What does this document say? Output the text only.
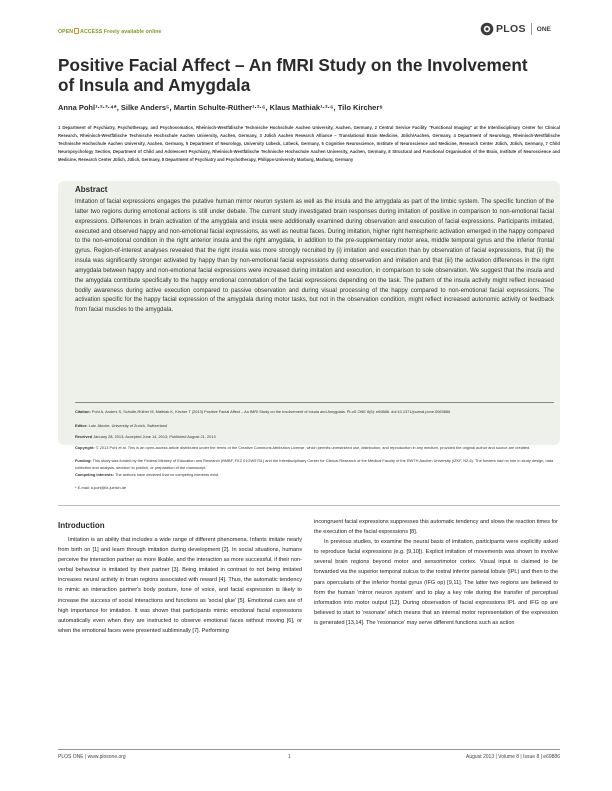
OPEN ACCESS Freely available online	PLOS ONE
Positive Facial Affect – An fMRI Study on the Involvement of Insula and Amygdala
Anna Pohl¹·²·³·⁴*, Silke Anders⁵, Martin Schulte-Rüther¹·²·⁶, Klaus Mathiak¹·²·⁶, Tilo Kircher⁸
1 Department of Psychiatry, Psychotherapy, and Psychosomatics, Rheinisch-Westfälische Technische Hochschule Aachen University, Aachen, Germany, 2 Central Service Facility "Functional Imaging" at the Interdisciplinary Center for Clinical Research, Rheinisch-Westfälische Technische Hochschule Aachen University, Aachen, Germany, 3 Jülich Aachen Research Alliance – Translational Brain Medicine, Jülich/Aachen, Germany, 4 Department of Neurology, Rheinisch-Westfälische Technische Hochschule Aachen University, Aachen, Germany, 5 Department of Neurology, University Lübeck, Lübeck, Germany, 6 Cognitive Neuroscience, Institute of Neuroscience and Medicine, Research Center Jülich, Jülich, Germany, 7 Child Neuropsychology Section, Department of Child and Adolescent Psychiatry, Rheinisch-Westfälische Technische Hochschule Aachen University, Aachen, Germany, 8 Structural and Functional Organisation of the Brain, Institute of Neuroscience and Medicine, Research Center Jülich, Jülich, Germany, 8 Department of Psychiatry and Psychotherapy, Philipps-University Marburg, Marburg, Germany
Abstract
Imitation of facial expressions engages the putative human mirror neuron system as well as the insula and the amygdala as part of the limbic system. The specific function of the latter two regions during emotional actions is still under debate. The current study investigated brain responses during imitation of positive in comparison to non-emotional facial expressions. Differences in brain activation of the amygdala and insula were additionally examined during observation and execution of facial expressions. Participants imitated, executed and observed happy and non-emotional facial expressions, as well as neutral faces. During imitation, higher right hemispheric activation emerged in the happy compared to the non-emotional condition in the right anterior insula and the right amygdala, in addition to the pre-supplementary motor area, middle temporal gyrus and the inferior frontal gyrus. Region-of-interest analyses revealed that the right insula was more strongly recruited by (i) imitation and execution than by observation of facial expressions, that (ii) the insula was significantly stronger activated by happy than by non-emotional facial expressions during observation and imitation and that (iii) the activation differences in the right amygdala between happy and non-emotional facial expressions were increased during imitation and execution, in comparison to sole observation. We suggest that the insula and the amygdala contribute specifically to the happy emotional connotation of the facial expressions depending on the task. The pattern of the insula activity might reflect increased bodily awareness during active execution compared to passive observation and during visual processing of the happy compared to non-emotional facial expressions. The activation specific for the happy facial expression of the amygdala during motor tasks, but not in the observation condition, might reflect increased autonomic activity or feedback from facial muscles to the amygdala.
Citation: Pohl A, Anders S, Schulte-Rüther M, Mathiak K, Kircher T (2013) Positive Facial Affect – An fMRI Study on the Involvement of Insula and Amygdala. PLoS ONE 8(8): e69886. doi:10.1371/journal.pone.0069886
Editor: Lutz Jäncke, University of Zurich, Switzerland
Received January 28, 2013; Accepted June 14, 2013; Published August 21, 2013
Copyright: © 2013 Pohl et al. This is an open-access article distributed under the terms of the Creative Commons Attribution License, which permits unrestricted use, distribution, and reproduction in any medium, provided the original author and source are credited.
Funding: This study was funded by the Federal Ministry of Education and Research (BMBF, FKZ 01GW0751) and the Interdisciplinary Center for Clinical Research of the Medical Faculty of the RWTH Aachen University (IZKF, N2-6). The funders had no role in study design, data collection and analysis, decision to publish, or preparation of the manuscript.
Competing Interests: The authors have declared that no competing interests exist.
* E-mail: a.pohl@fz-juelich.de
Introduction

Imitation is an ability that includes a wide range of different phenomena. Infants imitate nearly from birth on [1] and learn through imitation during development [2]. In social situations, humans perceive the interaction partner as more likable, and the interaction as more successful, if their non-verbal behaviour is imitated by their partner [3]. Being imitated in contrast to not being imitated increases neural activity in brain regions associated with reward [4]. Thus, the automatic tendency to mimic an interaction partner's body posture, tone of voice, and facial expression is likely to increase the success of social interactions and functions as 'social glue' [5]. Emotional cues are of high importance for imitation. It was shown that participants mimic emotional facial expressions automatically even when they are instructed to observe emotional faces without moving [6], or when the emotional faces were presented subliminally [7]. Performing

incongruent facial expressions suppresses this automatic tendency and slows the reaction times for the execution of the facial expressions [8].

In previous studies, to examine the neural basis of imitation, participants were explicitly asked to reproduce facial expressions (e.g. [9,10]). Explicit imitation of movements was shown to involve several brain regions beyond motor and sensorimotor cortex. Visual input is claimed to be forwarded via the superior temporal sulcus to the rostral inferior parietal lobule (IPL) and then to the pars opercularis of the inferior frontal gyrus (IFG op) [9,11]. The latter two regions are believed to form the human 'mirror neuron system' and to play a key role during the transfer of perceptual information into motor output [12]. During observation of facial expressions IPL and IFG op are believed to start to 'resonate' which means that an internal motor representation of the expression is generated [13,14]. The 'resonance' may serve different functions such as action

PLOS ONE | www.plosone.org	1	August 2013 | Volume 8 | Issue 8 | e69886
